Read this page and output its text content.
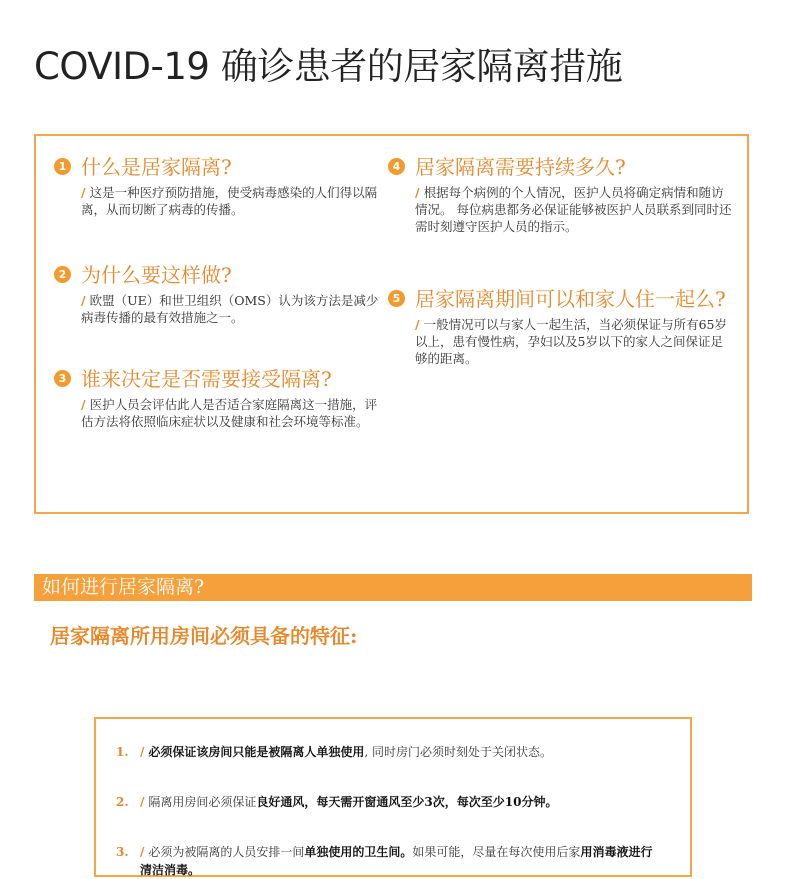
COVID-19 确诊患者的居家隔离措施
1 什么是居家隔离?
/ 这是一种医疗预防措施，使受病毒感染的人们得以隔离，从而切断了病毒的传播。
2 为什么要这样做?
/ 欧盟（UE）和世卫组织（OMS）认为该方法是减少病毒传播的最有效措施之一。
3 谁来决定是否需要接受隔离?
/ 医护人员会评估此人是否适合家庭隔离这一措施，评估方法将依照临床症状以及健康和社会环境等标准。
4 居家隔离需要持续多久?
/ 根据每个病例的个人情况，医护人员将确定病情和随访情况。 每位病患都务必保证能够被医护人员联系到同时还需时刻遵守医护人员的指示。
5 居家隔离期间可以和家人住一起么?
/ 一般情况可以与家人一起生活，当必须保证与所有65岁以上，患有慢性病，孕妇以及5岁以下的家人之间保证足够的距离。
如何进行居家隔离?
居家隔离所用房间必须具备的特征:
1. / 必须保证该房间只能是被隔离人单独使用, 同时房门必须时刻处于关闭状态。
2. / 隔离用房间必须保证良好通风，每天需开窗通风至少3次，每次至少10分钟。
3. / 必须为被隔离的人员安排一间单独使用的卫生间。如果可能，尽量在每次使用后家用消毒液进行清洁消毒。
